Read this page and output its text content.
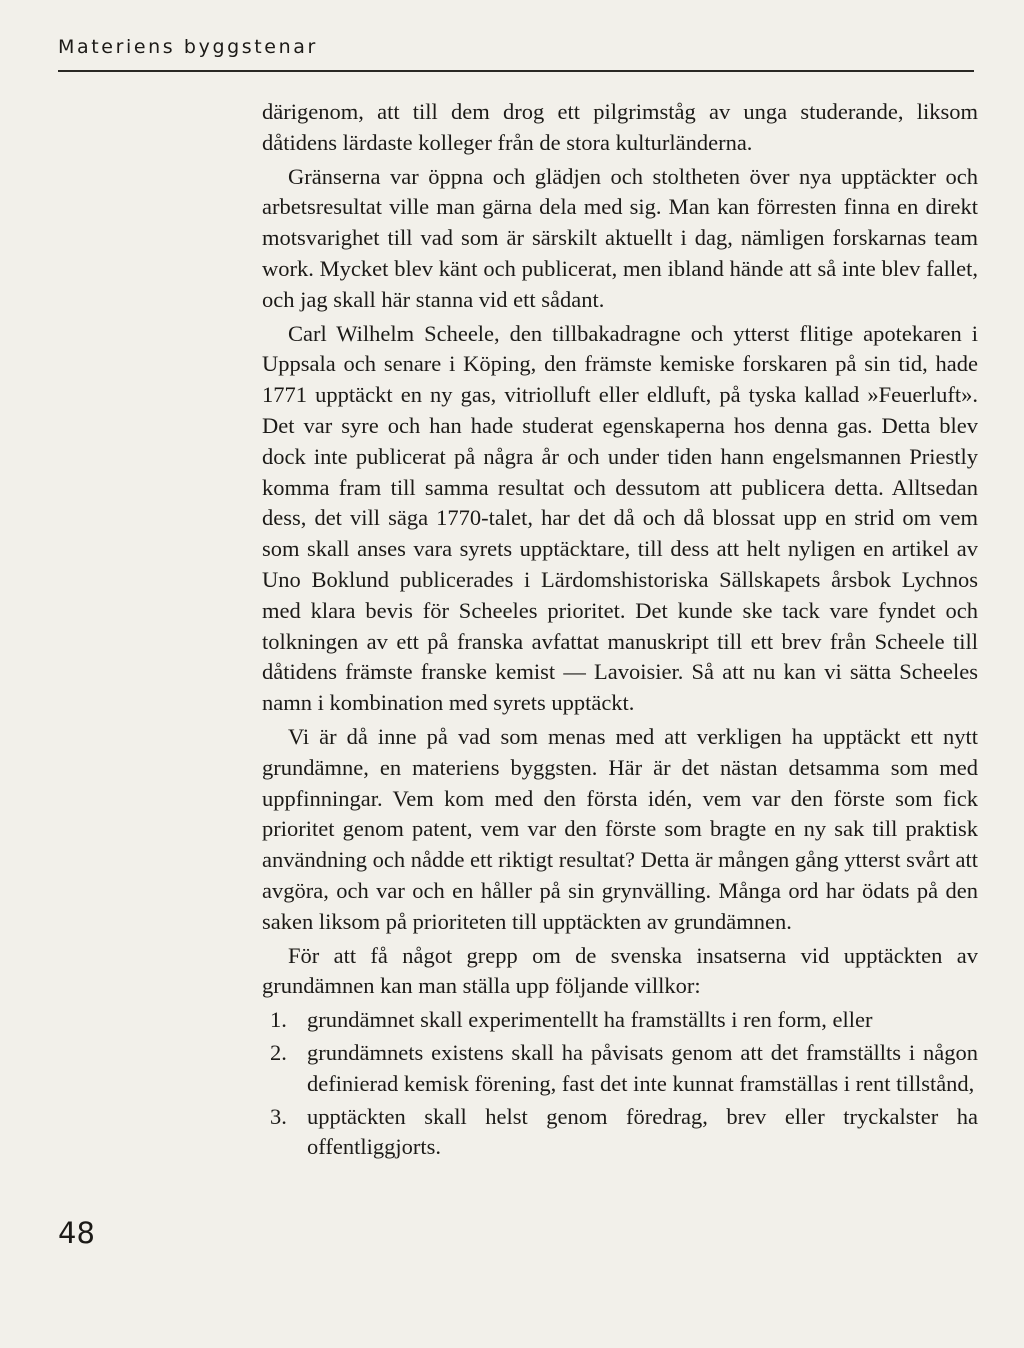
Materiens byggstenar

därigenom, att till dem drog ett pilgrimståg av unga studerande, liksom dåtidens lärdaste kolleger från de stora kulturländerna.

Gränserna var öppna och glädjen och stoltheten över nya upptäckter och arbetsresultat ville man gärna dela med sig. Man kan förresten finna en direkt motsvarighet till vad som är särskilt aktuellt i dag, nämligen forskarnas team work. Mycket blev känt och publicerat, men ibland hände att så inte blev fallet, och jag skall här stanna vid ett sådant.

Carl Wilhelm Scheele, den tillbakadragne och ytterst flitige apotekaren i Uppsala och senare i Köping, den främste kemiske forskaren på sin tid, hade 1771 upptäckt en ny gas, vitriolluft eller eldluft, på tyska kallad »Feuerluft». Det var syre och han hade studerat egenskaperna hos denna gas. Detta blev dock inte publicerat på några år och under tiden hann engelsmannen Priestly komma fram till samma resultat och dessutom att publicera detta. Alltsedan dess, det vill säga 1770-talet, har det då och då blossat upp en strid om vem som skall anses vara syrets upptäcktare, till dess att helt nyligen en artikel av Uno Boklund publicerades i Lärdomshistoriska Sällskapets årsbok Lychnos med klara bevis för Scheeles prioritet. Det kunde ske tack vare fyndet och tolkningen av ett på franska avfattat manuskript till ett brev från Scheele till dåtidens främste franske kemist — Lavoisier. Så att nu kan vi sätta Scheeles namn i kombination med syrets upptäckt.

Vi är då inne på vad som menas med att verkligen ha upptäckt ett nytt grundämne, en materiens byggsten. Här är det nästan detsamma som med uppfinningar. Vem kom med den första idén, vem var den förste som fick prioritet genom patent, vem var den förste som bragte en ny sak till praktisk användning och nådde ett riktigt resultat? Detta är mången gång ytterst svårt att avgöra, och var och en håller på sin grynvälling. Många ord har ödats på den saken liksom på prioriteten till upptäckten av grundämnen.

För att få något grepp om de svenska insatserna vid upptäckten av grundämnen kan man ställa upp följande villkor:

1. grundämnet skall experimentellt ha framställts i ren form, eller
2. grundämnets existens skall ha påvisats genom att det framställts i någon definierad kemisk förening, fast det inte kunnat framställas i rent tillstånd,
3. upptäckten skall helst genom föredrag, brev eller tryckalster ha offentliggjorts.
48
